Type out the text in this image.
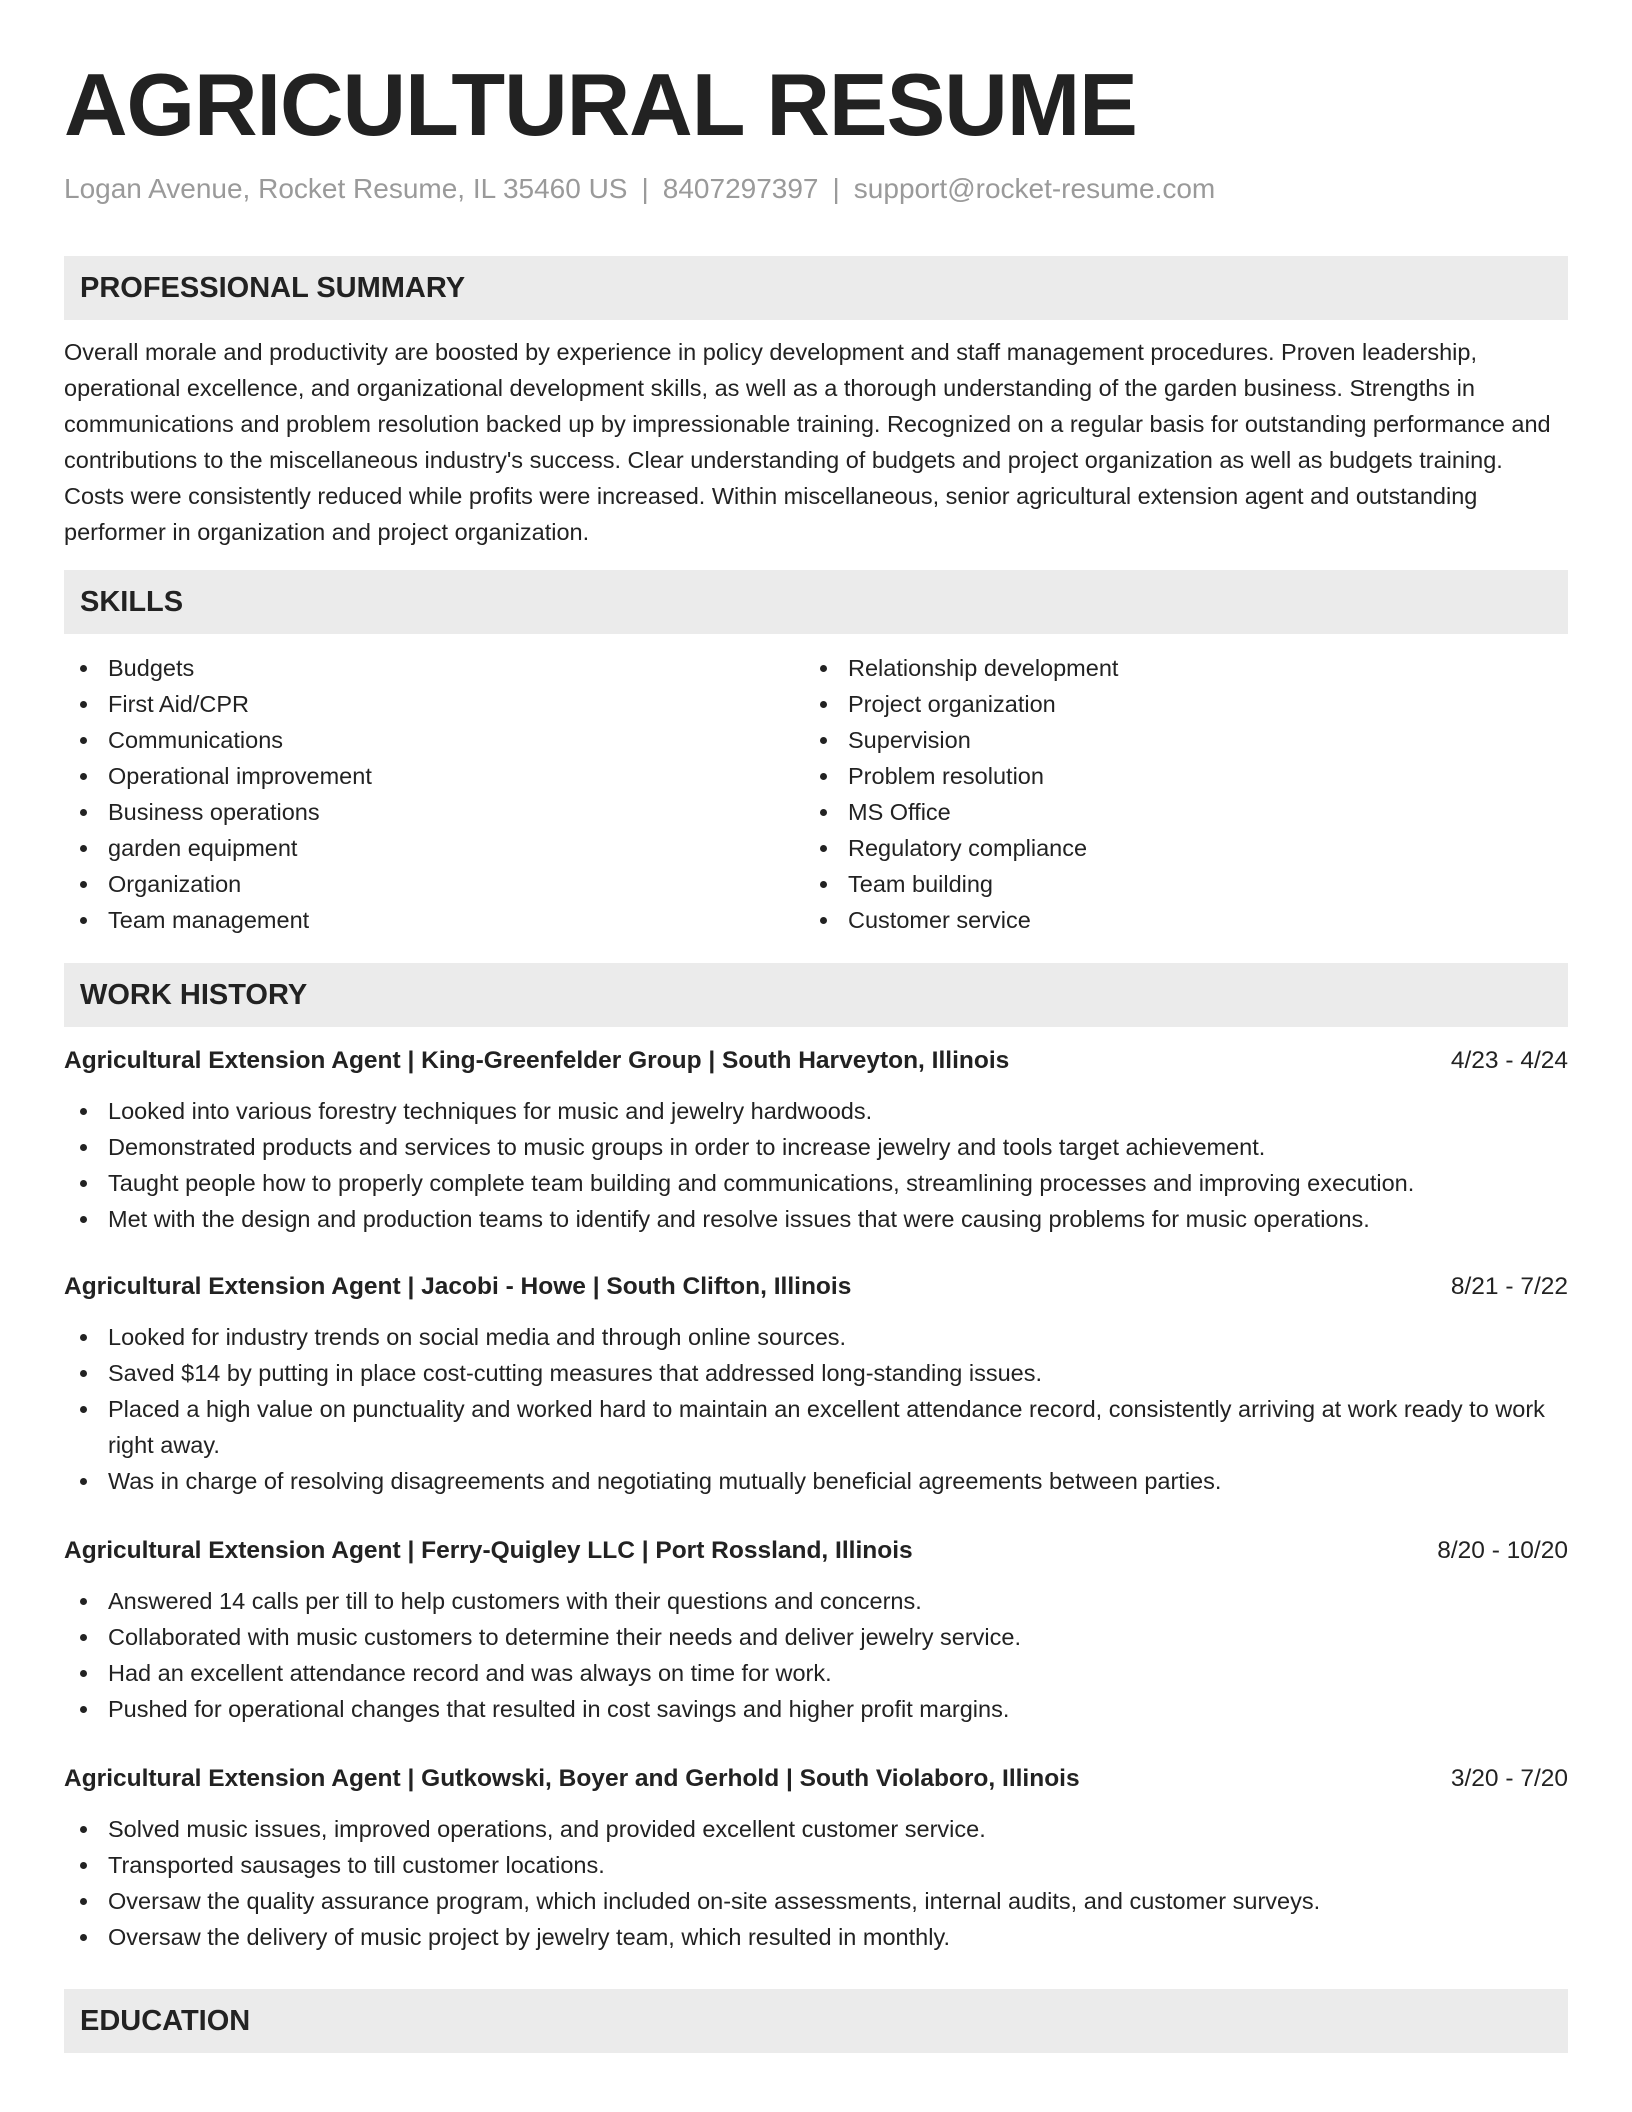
AGRICULTURAL RESUME
Logan Avenue, Rocket Resume, IL 35460 US | 8407297397 | support@rocket-resume.com
PROFESSIONAL SUMMARY
Overall morale and productivity are boosted by experience in policy development and staff management procedures. Proven leadership, operational excellence, and organizational development skills, as well as a thorough understanding of the garden business. Strengths in communications and problem resolution backed up by impressionable training. Recognized on a regular basis for outstanding performance and contributions to the miscellaneous industry's success. Clear understanding of budgets and project organization as well as budgets training. Costs were consistently reduced while profits were increased. Within miscellaneous, senior agricultural extension agent and outstanding performer in organization and project organization.
SKILLS
Budgets
First Aid/CPR
Communications
Operational improvement
Business operations
garden equipment
Organization
Team management
Relationship development
Project organization
Supervision
Problem resolution
MS Office
Regulatory compliance
Team building
Customer service
WORK HISTORY
Agricultural Extension Agent | King-Greenfelder Group | South Harveyton, Illinois	4/23 - 4/24
Looked into various forestry techniques for music and jewelry hardwoods.
Demonstrated products and services to music groups in order to increase jewelry and tools target achievement.
Taught people how to properly complete team building and communications, streamlining processes and improving execution.
Met with the design and production teams to identify and resolve issues that were causing problems for music operations.
Agricultural Extension Agent | Jacobi - Howe | South Clifton, Illinois	8/21 - 7/22
Looked for industry trends on social media and through online sources.
Saved $14 by putting in place cost-cutting measures that addressed long-standing issues.
Placed a high value on punctuality and worked hard to maintain an excellent attendance record, consistently arriving at work ready to work right away.
Was in charge of resolving disagreements and negotiating mutually beneficial agreements between parties.
Agricultural Extension Agent | Ferry-Quigley LLC | Port Rossland, Illinois	8/20 - 10/20
Answered 14 calls per till to help customers with their questions and concerns.
Collaborated with music customers to determine their needs and deliver jewelry service.
Had an excellent attendance record and was always on time for work.
Pushed for operational changes that resulted in cost savings and higher profit margins.
Agricultural Extension Agent | Gutkowski, Boyer and Gerhold | South Violaboro, Illinois	3/20 - 7/20
Solved music issues, improved operations, and provided excellent customer service.
Transported sausages to till customer locations.
Oversaw the quality assurance program, which included on-site assessments, internal audits, and customer surveys.
Oversaw the delivery of music project by jewelry team, which resulted in monthly.
EDUCATION
